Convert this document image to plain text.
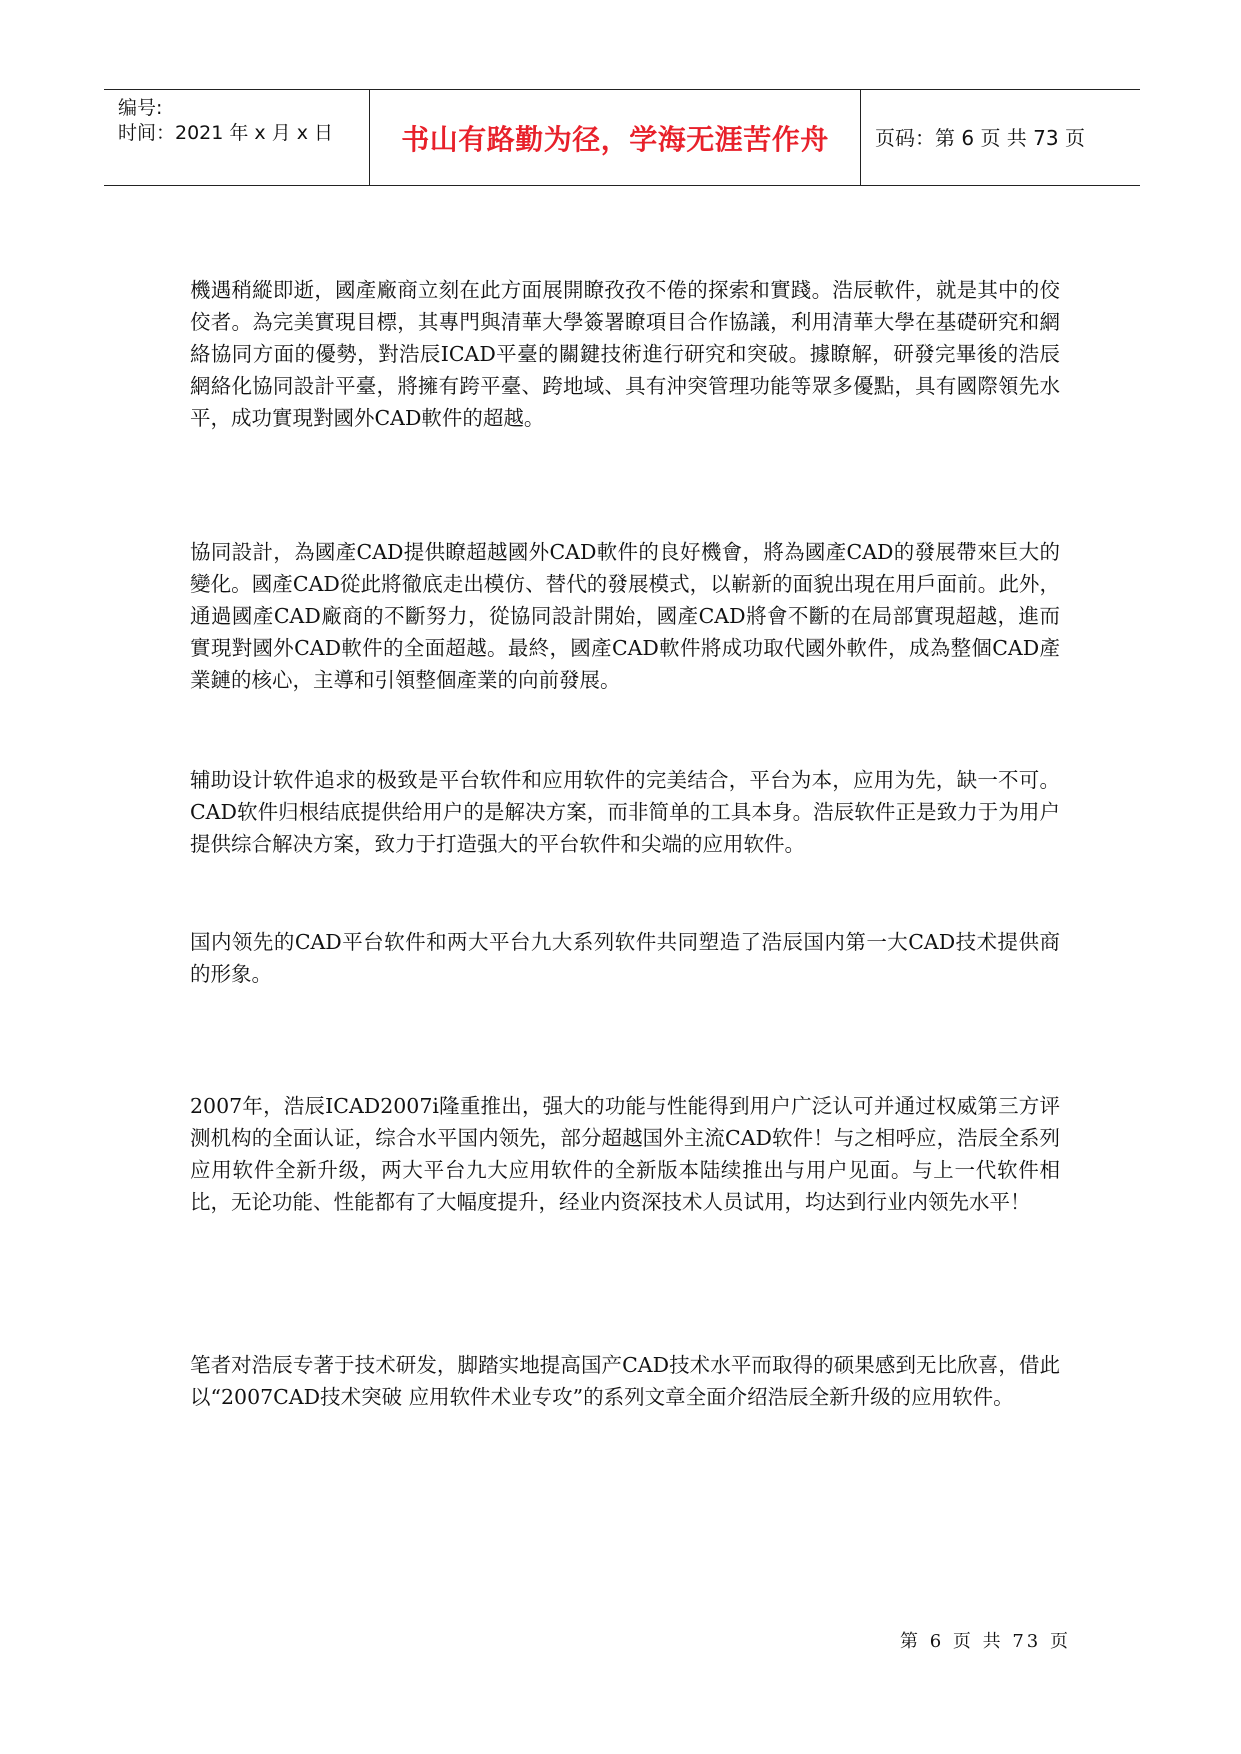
编号:
时间：2021 年 x 月 x 日	书山有路勤为径，学海无涯苦作舟	页码：第 6 页 共 73 页

機遇稍縱即逝，國產廠商立刻在此方面展開瞭孜孜不倦的探索和實踐。浩辰軟件，就是其中的佼佼者。為完美實現目標，其專門與清華大學簽署瞭項目合作協議，利用清華大學在基礎研究和網絡協同方面的優勢，對浩辰ICAD平臺的關鍵技術進行研究和突破。據瞭解，研發完畢後的浩辰網絡化協同設計平臺，將擁有跨平臺、跨地域、具有沖突管理功能等眾多優點，具有國際領先水平，成功實現對國外CAD軟件的超越。

協同設計，為國產CAD提供瞭超越國外CAD軟件的良好機會，將為國產CAD的發展帶來巨大的變化。國產CAD從此將徹底走出模仿、替代的發展模式，以嶄新的面貌出現在用戶面前。此外，通過國產CAD廠商的不斷努力，從協同設計開始，國產CAD將會不斷的在局部實現超越，進而實現對國外CAD軟件的全面超越。最終，國產CAD軟件將成功取代國外軟件，成為整個CAD產業鏈的核心，主導和引領整個產業的向前發展。

辅助设计软件追求的极致是平台软件和应用软件的完美结合，平台为本，应用为先，缺一不可。CAD软件归根结底提供给用户的是解决方案，而非简单的工具本身。浩辰软件正是致力于为用户提供综合解决方案，致力于打造强大的平台软件和尖端的应用软件。

国内领先的CAD平台软件和两大平台九大系列软件共同塑造了浩辰国内第一大CAD技术提供商的形象。

2007年，浩辰ICAD2007i隆重推出，强大的功能与性能得到用户广泛认可并通过权威第三方评测机构的全面认证，综合水平国内领先，部分超越国外主流CAD软件！与之相呼应，浩辰全系列应用软件全新升级，两大平台九大应用软件的全新版本陆续推出与用户见面。与上一代软件相比，无论功能、性能都有了大幅度提升，经业内资深技术人员试用，均达到行业内领先水平！

笔者对浩辰专著于技术研发，脚踏实地提高国产CAD技术水平而取得的硕果感到无比欣喜，借此以“2007CAD技术突破 应用软件术业专攻”的系列文章全面介绍浩辰全新升级的应用软件。

第 6 页 共 73 页
